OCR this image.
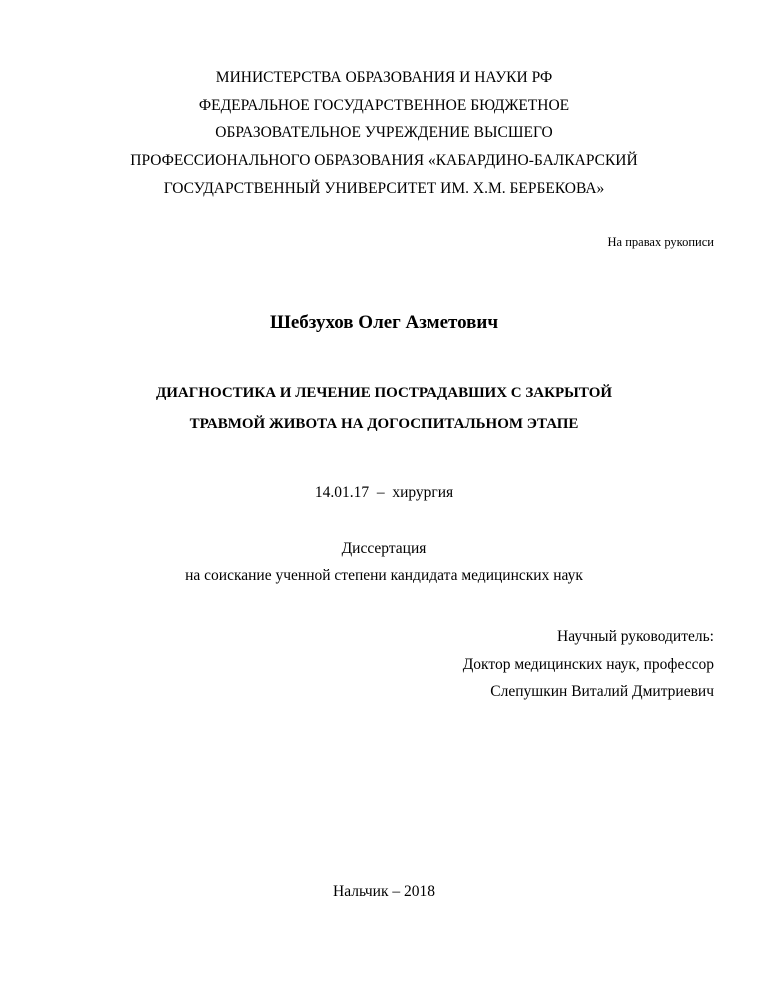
МИНИСТЕРСТВА ОБРАЗОВАНИЯ И НАУКИ РФ
ФЕДЕРАЛЬНОЕ ГОСУДАРСТВЕННОЕ БЮДЖЕТНОЕ
ОБРАЗОВАТЕЛЬНОЕ УЧРЕЖДЕНИЕ ВЫСШЕГО
ПРОФЕССИОНАЛЬНОГО ОБРАЗОВАНИЯ «КАБАРДИНО-БАЛКАРСКИЙ
ГОСУДАРСТВЕННЫЙ УНИВЕРСИТЕТ ИМ. Х.М. БЕРБЕКОВА»
На правах рукописи
Шебзухов Олег Азметович
ДИАГНОСТИКА И ЛЕЧЕНИЕ ПОСТРАДАВШИХ С ЗАКРЫТОЙ
ТРАВМОЙ ЖИВОТА НА ДОГОСПИТАЛЬНОМ ЭТАПЕ
14.01.17  –  хирургия
Диссертация
на соискание ученной степени кандидата медицинских наук
Научный руководитель:
Доктор медицинских наук, профессор
Слепушкин Виталий Дмитриевич
Нальчик – 2018
